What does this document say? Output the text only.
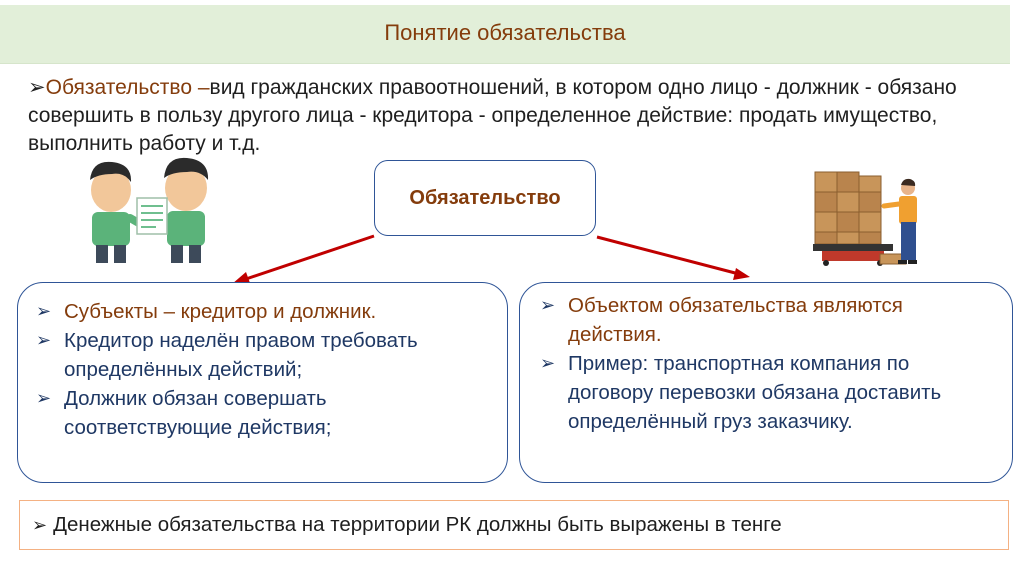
Понятие обязательства
➢Обязательство –вид гражданских правоотношений, в котором одно лицо - должник - обязано совершить в пользу другого лица - кредитора - определенное действие: продать имущество, выполнить работу и т.д.
Обязательство
➢ Субъекты – кредитор и должник.
➢ Кредитор наделён правом требовать определённых действий;
➢ Должник обязан совершать соответствующие действия;
➢ Объектом обязательства являются действия.
➢ Пример: транспортная компания по договору перевозки обязана доставить определённый груз заказчику.
➢ Денежные обязательства на территории РК должны быть выражены в тенге
